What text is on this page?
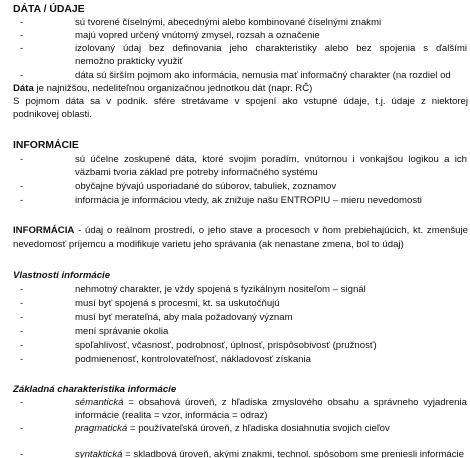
DÁTA / ÚDAJE
-	sú tvorené číselnými, abecednými alebo kombinované číselnými znakmi
-	majú vopred určený vnútorný zmysel, rozsah a označenie
-	izolovaný údaj bez definovania jeho charakteristiky alebo bez spojenia s ďalšími
nemožno prakticky využiť
-	dáta sú širším pojmom ako informácia, nemusia mať informačný charakter (na rozdiel od
Dáta je najnižšou, nedeliteľnou organizačnou jednotkou dát (napr. RČ)
S pojmom dáta sa v podnik. sfére stretávame v spojení ako vstupné údaje, t.j. údaje z niektorej
podnikovej oblasti.
INFORMÁCIE
-	sú účelne zoskupené dáta, ktoré svojim poradím, vnútornou i vonkajšou logikou a ich
väzbami tvoria základ pre potreby informačného systému
-	obyčajne bývajú usporiadané do súborov, tabuliek, zoznamov
-	informácia je informáciou vtedy, ak znižuje našu ENTROPIU – mieru nevedomosti
INFORMÁCIA - údaj o reálnom prostredí, o jeho stave a procesoch v ňom prebiehajúcich, kt. zmenšuje
nevedomosť príjemcu a modifikuje varietu jeho správania (ak nenastane zmena, bol to údaj)
Vlastnosti informácie
-	nehmotný charakter, je vždy spojená s fyzikálnym nositeľom – signál
-	musí byť spojená s procesmi, kt. sa uskutočňujú
-	musí byť merateľná, aby mala požadovaný význam
-	mení správanie okolia
-	spoľahlivosť, včasnosť, podrobnosť, úplnosť, prispôsobivosť (pružnosť)
-	podmienenosť, kontrolovateľnosť, nákladovosť získania
Základná charakteristika informácie
-	sémantická = obsahová úroveň, z hľadiska zmyslového obsahu a správneho vyjadrenia
informácie (realita = vzor, informácia = odraz)
-	pragmatická = používateľská úroveň, z hľadiska dosiahnutia svojich cieľov
-	syntaktická = skladbová úroveň, akými znakmi, technol. spôsobom sme preniesli informácie
